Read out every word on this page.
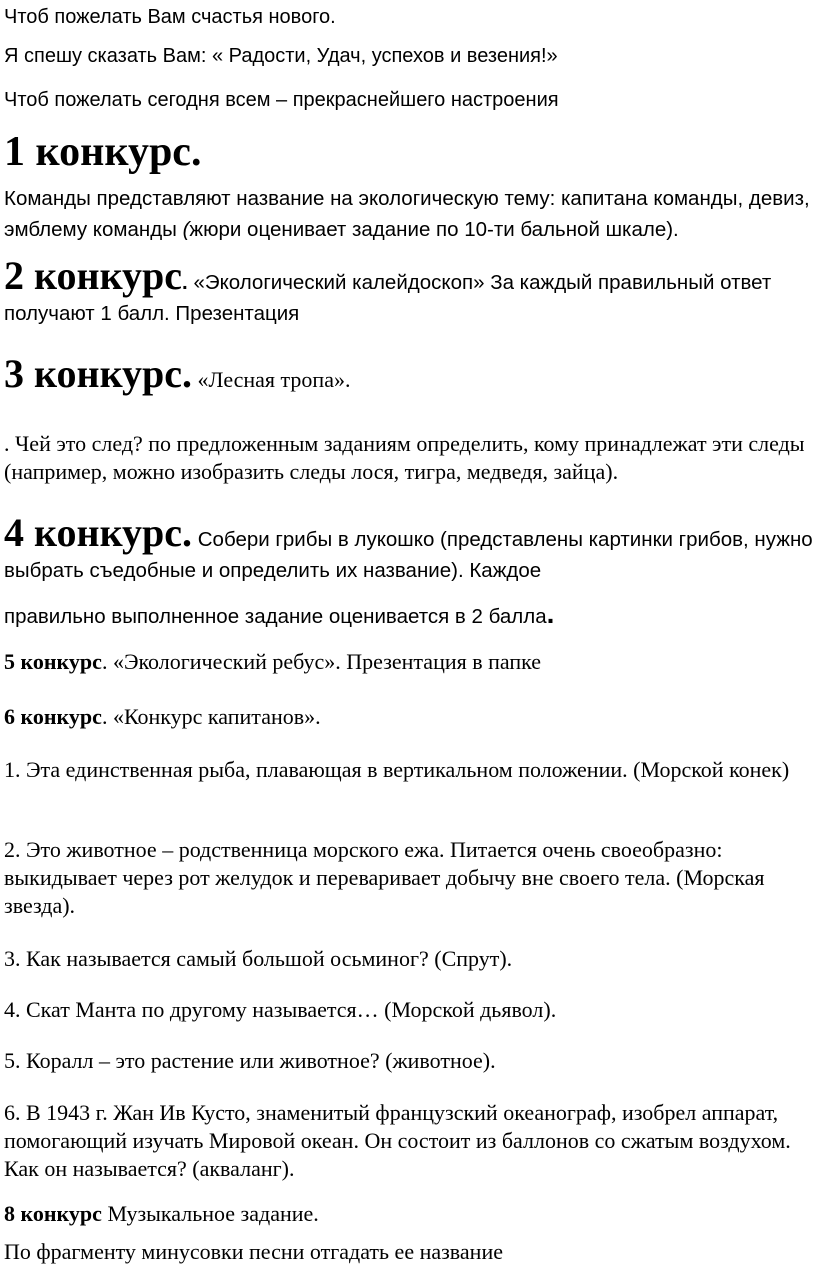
Чтоб пожелать Вам счастья нового.

Я спешу сказать Вам: « Радости, Удач, успехов и везения!»

Чтоб пожелать сегодня всем – прекраснейшего настроения

1 конкурс.

Команды представляют название на экологическую тему: капитана команды, девиз, эмблему команды (жюри оценивает задание по 10-ти бальной шкале).

2 конкурс. «Экологический калейдоскоп» За каждый правильный ответ получают 1 балл. Презентация

3 конкурс. «Лесная тропа».

. Чей это след? по предложенным заданиям определить, кому принадлежат эти следы (например, можно изобразить следы лося, тигра, медведя, зайца).

4 конкурс. Собери грибы в лукошко (представлены картинки грибов, нужно выбрать съедобные и определить их название). Каждое

правильно выполненное задание оценивается в 2 балла.

5 конкурс. «Экологический ребус». Презентация в папке

6 конкурс. «Конкурс капитанов».

1. Эта единственная рыба, плавающая в вертикальном положении. (Морской конек)

2. Это животное – родственница морского ежа. Питается очень своеобразно: выкидывает через рот желудок и переваривает добычу вне своего тела. (Морская звезда).

3. Как называется самый большой осьминог? (Спрут).

4. Скат Манта по другому называется… (Морской дьявол).

5. Коралл – это растение или животное? (животное).

6. В 1943 г. Жан Ив Кусто, знаменитый французский океанограф, изобрел аппарат, помогающий изучать Мировой океан. Он состоит из баллонов со сжатым воздухом. Как он называется? (акваланг).

8 конкурс Музыкальное задание.

По фрагменту минусовки песни отгадать ее название
